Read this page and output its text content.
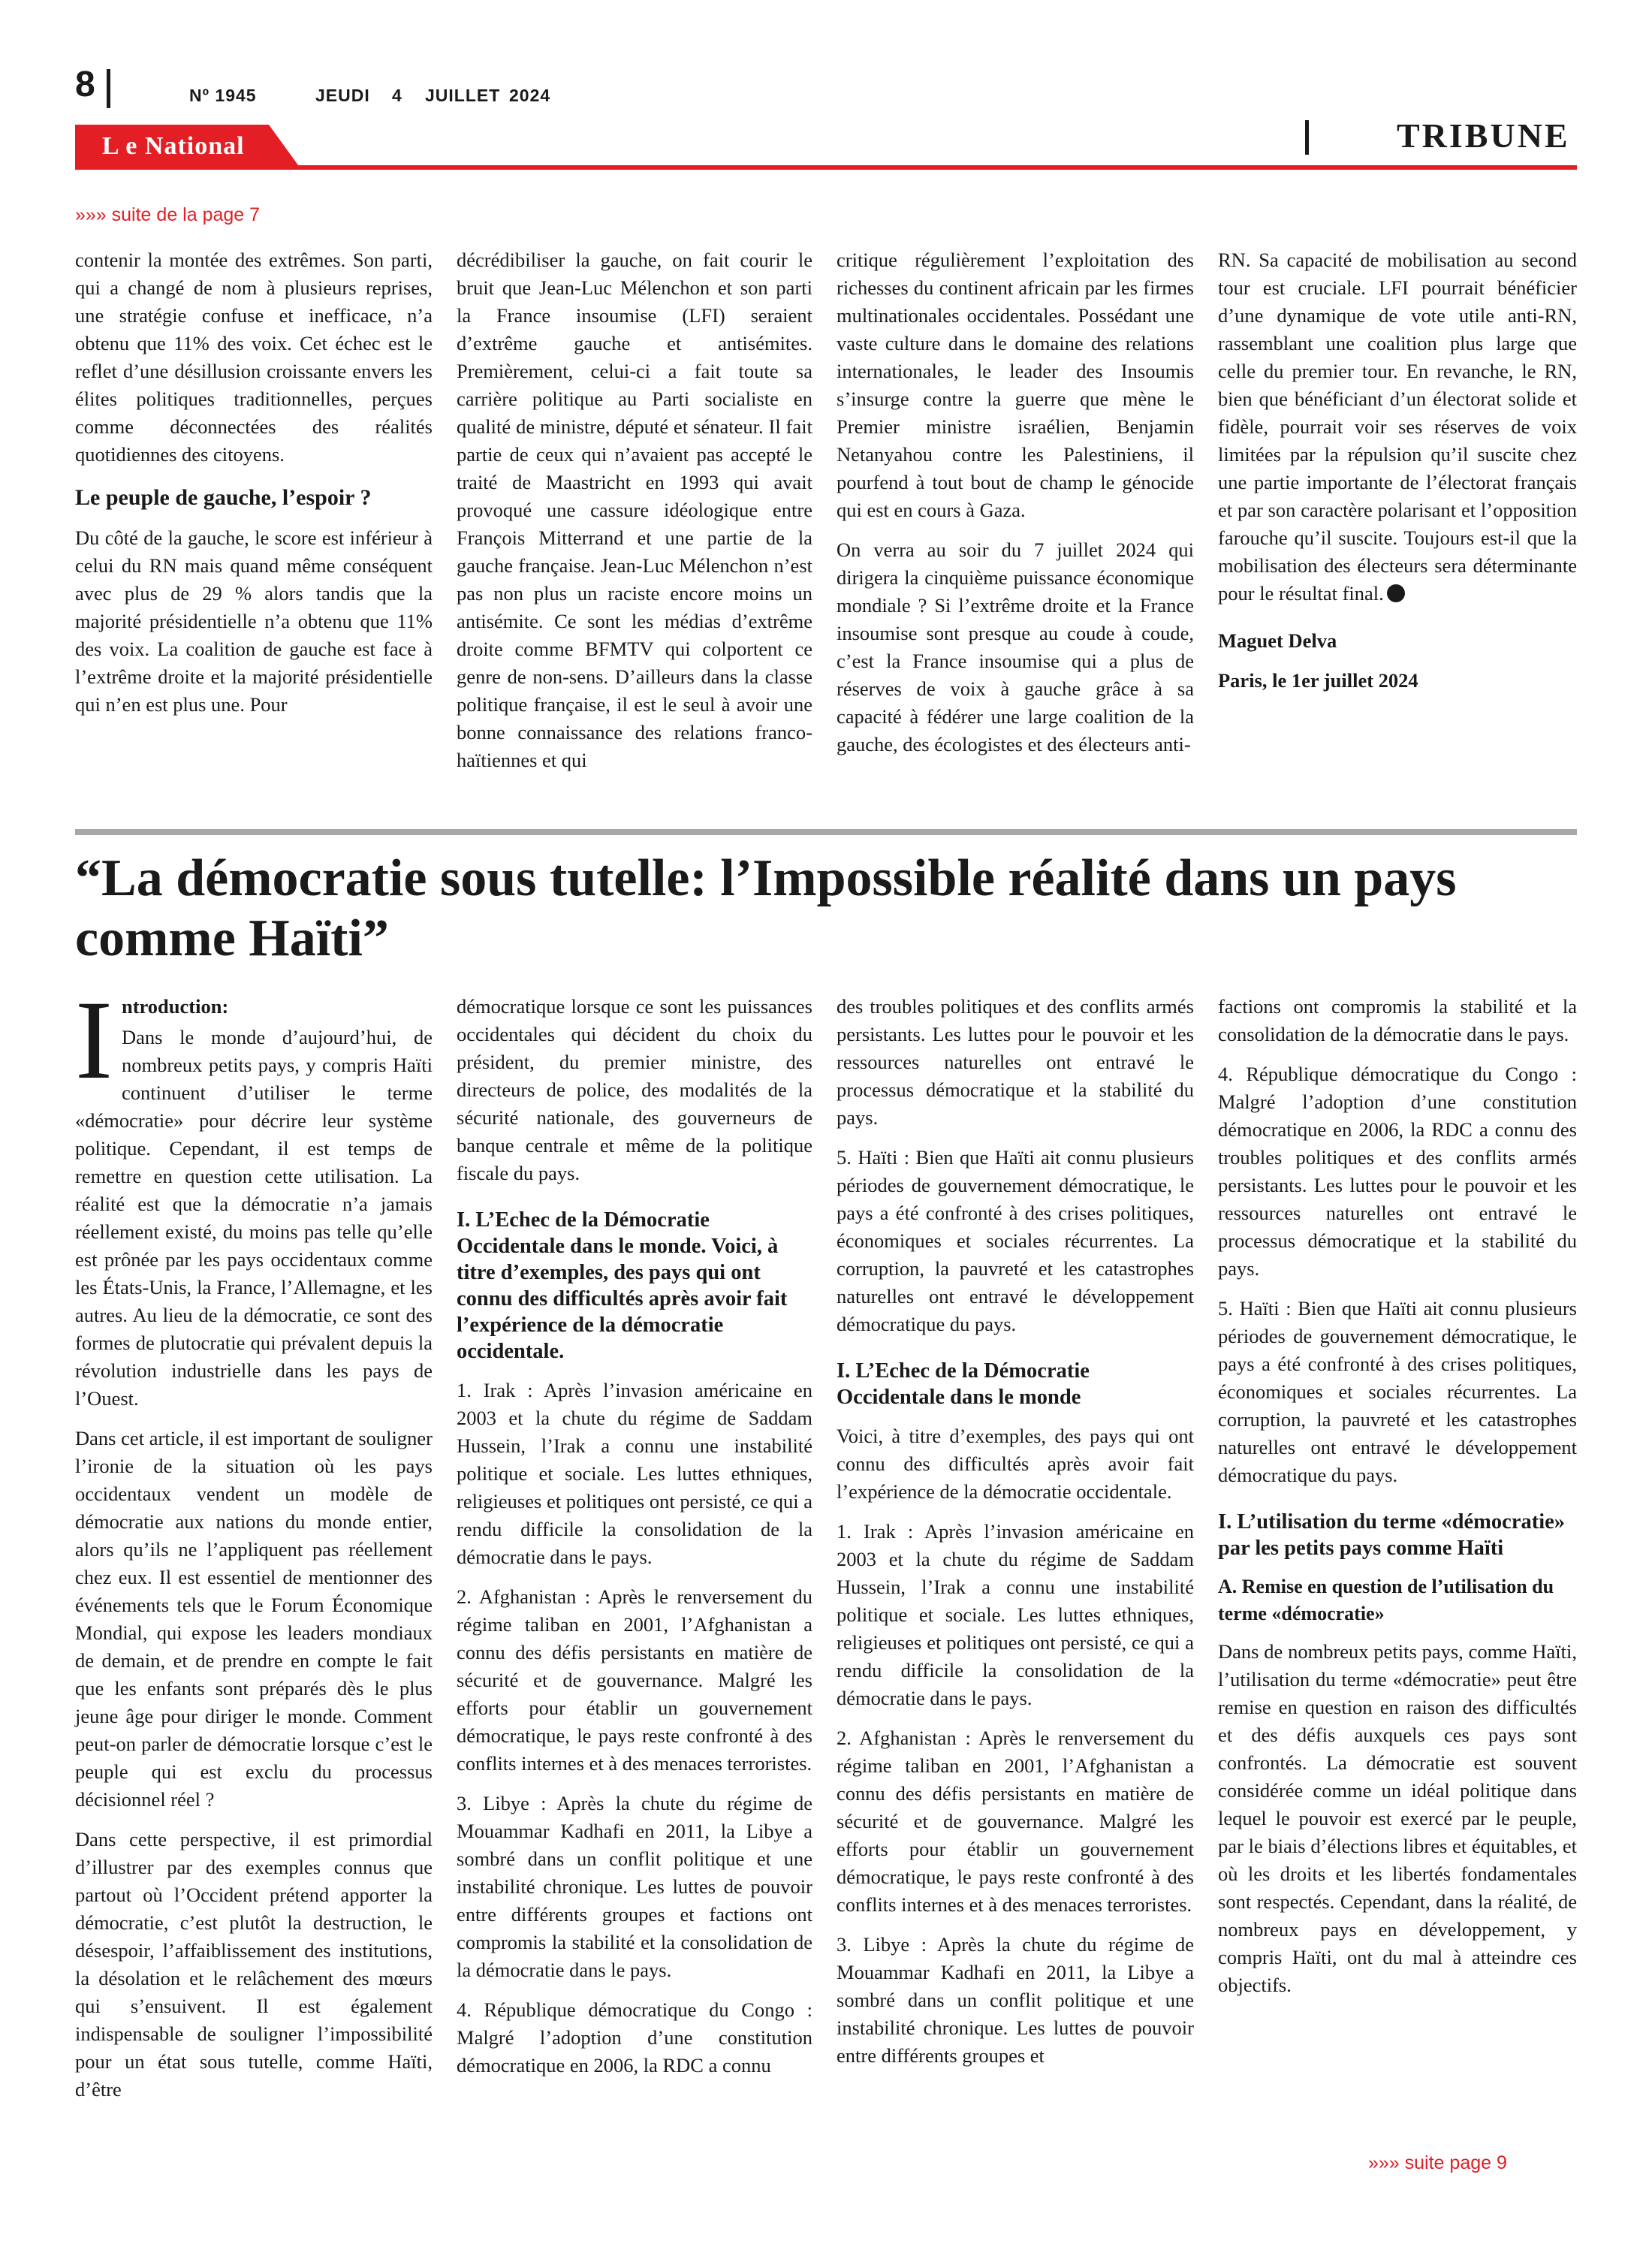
8	Nº 1945	JEUDI 4 JUILLET 2024
L e National	TRIBUNE
»»» suite de la page 7

contenir la montée des extrêmes. Son parti, qui a changé de nom à plusieurs reprises, une stratégie confuse et inefficace, n’a obtenu que 11% des voix. Cet échec est le reflet d’une désillusion croissante envers les élites politiques traditionnelles, perçues comme déconnectées des réalités quotidiennes des citoyens.

Le peuple de gauche, l’espoir ?

Du côté de la gauche, le score est inférieur à celui du RN mais quand même conséquent avec plus de 29 % alors tandis que la majorité présidentielle n’a obtenu que 11% des voix. La coalition de gauche est face à l’extrême droite et la majorité présidentielle qui n’en est plus une. Pour

décrédibiliser la gauche, on fait courir le bruit que Jean-Luc Mélenchon et son parti la France insoumise (LFI) seraient d’extrême gauche et antisémites. Premièrement, celui-ci a fait toute sa carrière politique au Parti socialiste en qualité de ministre, député et sénateur. Il fait partie de ceux qui n’avaient pas accepté le traité de Maastricht en 1993 qui avait provoqué une cassure idéologique entre François Mitterrand et une partie de la gauche française. Jean-Luc Mélenchon n’est pas non plus un raciste encore moins un antisémite. Ce sont les médias d’extrême droite comme BFMTV qui colportent ce genre de non-sens. D’ailleurs dans la classe politique française, il est le seul à avoir une bonne connaissance des relations franco-haïtiennes et qui

critique régulièrement l’exploitation des richesses du continent africain par les firmes multinationales occidentales. Possédant une vaste culture dans le domaine des relations internationales, le leader des Insoumis s’insurge contre la guerre que mène le Premier ministre israélien, Benjamin Netanyahou contre les Palestiniens, il pourfend à tout bout de champ le génocide qui est en cours à Gaza.

On verra au soir du 7 juillet 2024 qui dirigera la cinquième puissance économique mondiale ? Si l’extrême droite et la France insoumise sont presque au coude à coude, c’est la France insoumise qui a plus de réserves de voix à gauche grâce à sa capacité à fédérer une large coalition de la gauche, des écologistes et des électeurs anti-

RN. Sa capacité de mobilisation au second tour est cruciale. LFI pourrait bénéficier d’une dynamique de vote utile anti-RN, rassemblant une coalition plus large que celle du premier tour. En revanche, le RN, bien que bénéficiant d’un électorat solide et fidèle, pourrait voir ses réserves de voix limitées par la répulsion qu’il suscite chez une partie importante de l’électorat français et par son caractère polarisant et l’opposition farouche qu’il suscite. Toujours est-il que la mobilisation des électeurs sera déterminante pour le résultat final.

Maguet Delva

Paris, le 1er juillet 2024

“La démocratie sous tutelle: l’Impossible réalité dans un pays comme Haïti”
I ntroduction:

Dans le monde d’aujourd’hui, de nombreux petits pays, y compris Haïti continuent d’utiliser le terme «démocratie» pour décrire leur système politique. Cependant, il est temps de remettre en question cette utilisation. La réalité est que la démocratie n’a jamais réellement existé, du moins pas telle qu’elle est prônée par les pays occidentaux comme les États-Unis, la France, l’Allemagne, et les autres. Au lieu de la démocratie, ce sont des formes de plutocratie qui prévalent depuis la révolution industrielle dans les pays de l’Ouest.

Dans cet article, il est important de souligner l’ironie de la situation où les pays occidentaux vendent un modèle de démocratie aux nations du monde entier, alors qu’ils ne l’appliquent pas réellement chez eux. Il est essentiel de mentionner des événements tels que le Forum Économique Mondial, qui expose les leaders mondiaux de demain, et de prendre en compte le fait que les enfants sont préparés dès le plus jeune âge pour diriger le monde. Comment peut-on parler de démocratie lorsque c’est le peuple qui est exclu du processus décisionnel réel ?

Dans cette perspective, il est primordial d’illustrer par des exemples connus que partout où l’Occident prétend apporter la démocratie, c’est plutôt la destruction, le désespoir, l’affaiblissement des institutions, la désolation et le relâchement des mœurs qui s’ensuivent. Il est également indispensable de souligner l’impossibilité pour un état sous tutelle, comme Haïti, d’être

démocratique lorsque ce sont les puissances occidentales qui décident du choix du président, du premier ministre, des directeurs de police, des modalités de la sécurité nationale, des gouverneurs de banque centrale et même de la politique fiscale du pays.

I. L’Echec de la Démocratie Occidentale dans le monde. Voici, à titre d’exemples, des pays qui ont connu des difficultés après avoir fait l’expérience de la démocratie occidentale.

1. Irak : Après l’invasion américaine en 2003 et la chute du régime de Saddam Hussein, l’Irak a connu une instabilité politique et sociale. Les luttes ethniques, religieuses et politiques ont persisté, ce qui a rendu difficile la consolidation de la démocratie dans le pays.

2. Afghanistan : Après le renversement du régime taliban en 2001, l’Afghanistan a connu des défis persistants en matière de sécurité et de gouvernance. Malgré les efforts pour établir un gouvernement démocratique, le pays reste confronté à des conflits internes et à des menaces terroristes.

3. Libye : Après la chute du régime de Mouammar Kadhafi en 2011, la Libye a sombré dans un conflit politique et une instabilité chronique. Les luttes de pouvoir entre différents groupes et factions ont compromis la stabilité et la consolidation de la démocratie dans le pays.

4. République démocratique du Congo : Malgré l’adoption d’une constitution démocratique en 2006, la RDC a connu

des troubles politiques et des conflits armés persistants. Les luttes pour le pouvoir et les ressources naturelles ont entravé le processus démocratique et la stabilité du pays.

5. Haïti : Bien que Haïti ait connu plusieurs périodes de gouvernement démocratique, le pays a été confronté à des crises politiques, économiques et sociales récurrentes. La corruption, la pauvreté et les catastrophes naturelles ont entravé le développement démocratique du pays.

I. L’Echec de la Démocratie Occidentale dans le monde

Voici, à titre d’exemples, des pays qui ont connu des difficultés après avoir fait l’expérience de la démocratie occidentale.

1. Irak : Après l’invasion américaine en 2003 et la chute du régime de Saddam Hussein, l’Irak a connu une instabilité politique et sociale. Les luttes ethniques, religieuses et politiques ont persisté, ce qui a rendu difficile la consolidation de la démocratie dans le pays.

2. Afghanistan : Après le renversement du régime taliban en 2001, l’Afghanistan a connu des défis persistants en matière de sécurité et de gouvernance. Malgré les efforts pour établir un gouvernement démocratique, le pays reste confronté à des conflits internes et à des menaces terroristes.

3. Libye : Après la chute du régime de Mouammar Kadhafi en 2011, la Libye a sombré dans un conflit politique et une instabilité chronique. Les luttes de pouvoir entre différents groupes et

factions ont compromis la stabilité et la consolidation de la démocratie dans le pays.

4. République démocratique du Congo : Malgré l’adoption d’une constitution démocratique en 2006, la RDC a connu des troubles politiques et des conflits armés persistants. Les luttes pour le pouvoir et les ressources naturelles ont entravé le processus démocratique et la stabilité du pays.

5. Haïti : Bien que Haïti ait connu plusieurs périodes de gouvernement démocratique, le pays a été confronté à des crises politiques, économiques et sociales récurrentes. La corruption, la pauvreté et les catastrophes naturelles ont entravé le développement démocratique du pays.

I. L’utilisation du terme «démocratie» par les petits pays comme Haïti
A. Remise en question de l’utilisation du terme «démocratie»

Dans de nombreux petits pays, comme Haïti, l’utilisation du terme «démocratie» peut être remise en question en raison des difficultés et des défis auxquels ces pays sont confrontés. La démocratie est souvent considérée comme un idéal politique dans lequel le pouvoir est exercé par le peuple, par le biais d’élections libres et équitables, et où les droits et les libertés fondamentales sont respectés. Cependant, dans la réalité, de nombreux pays en développement, y compris Haïti, ont du mal à atteindre ces objectifs.

»»» suite page 9
